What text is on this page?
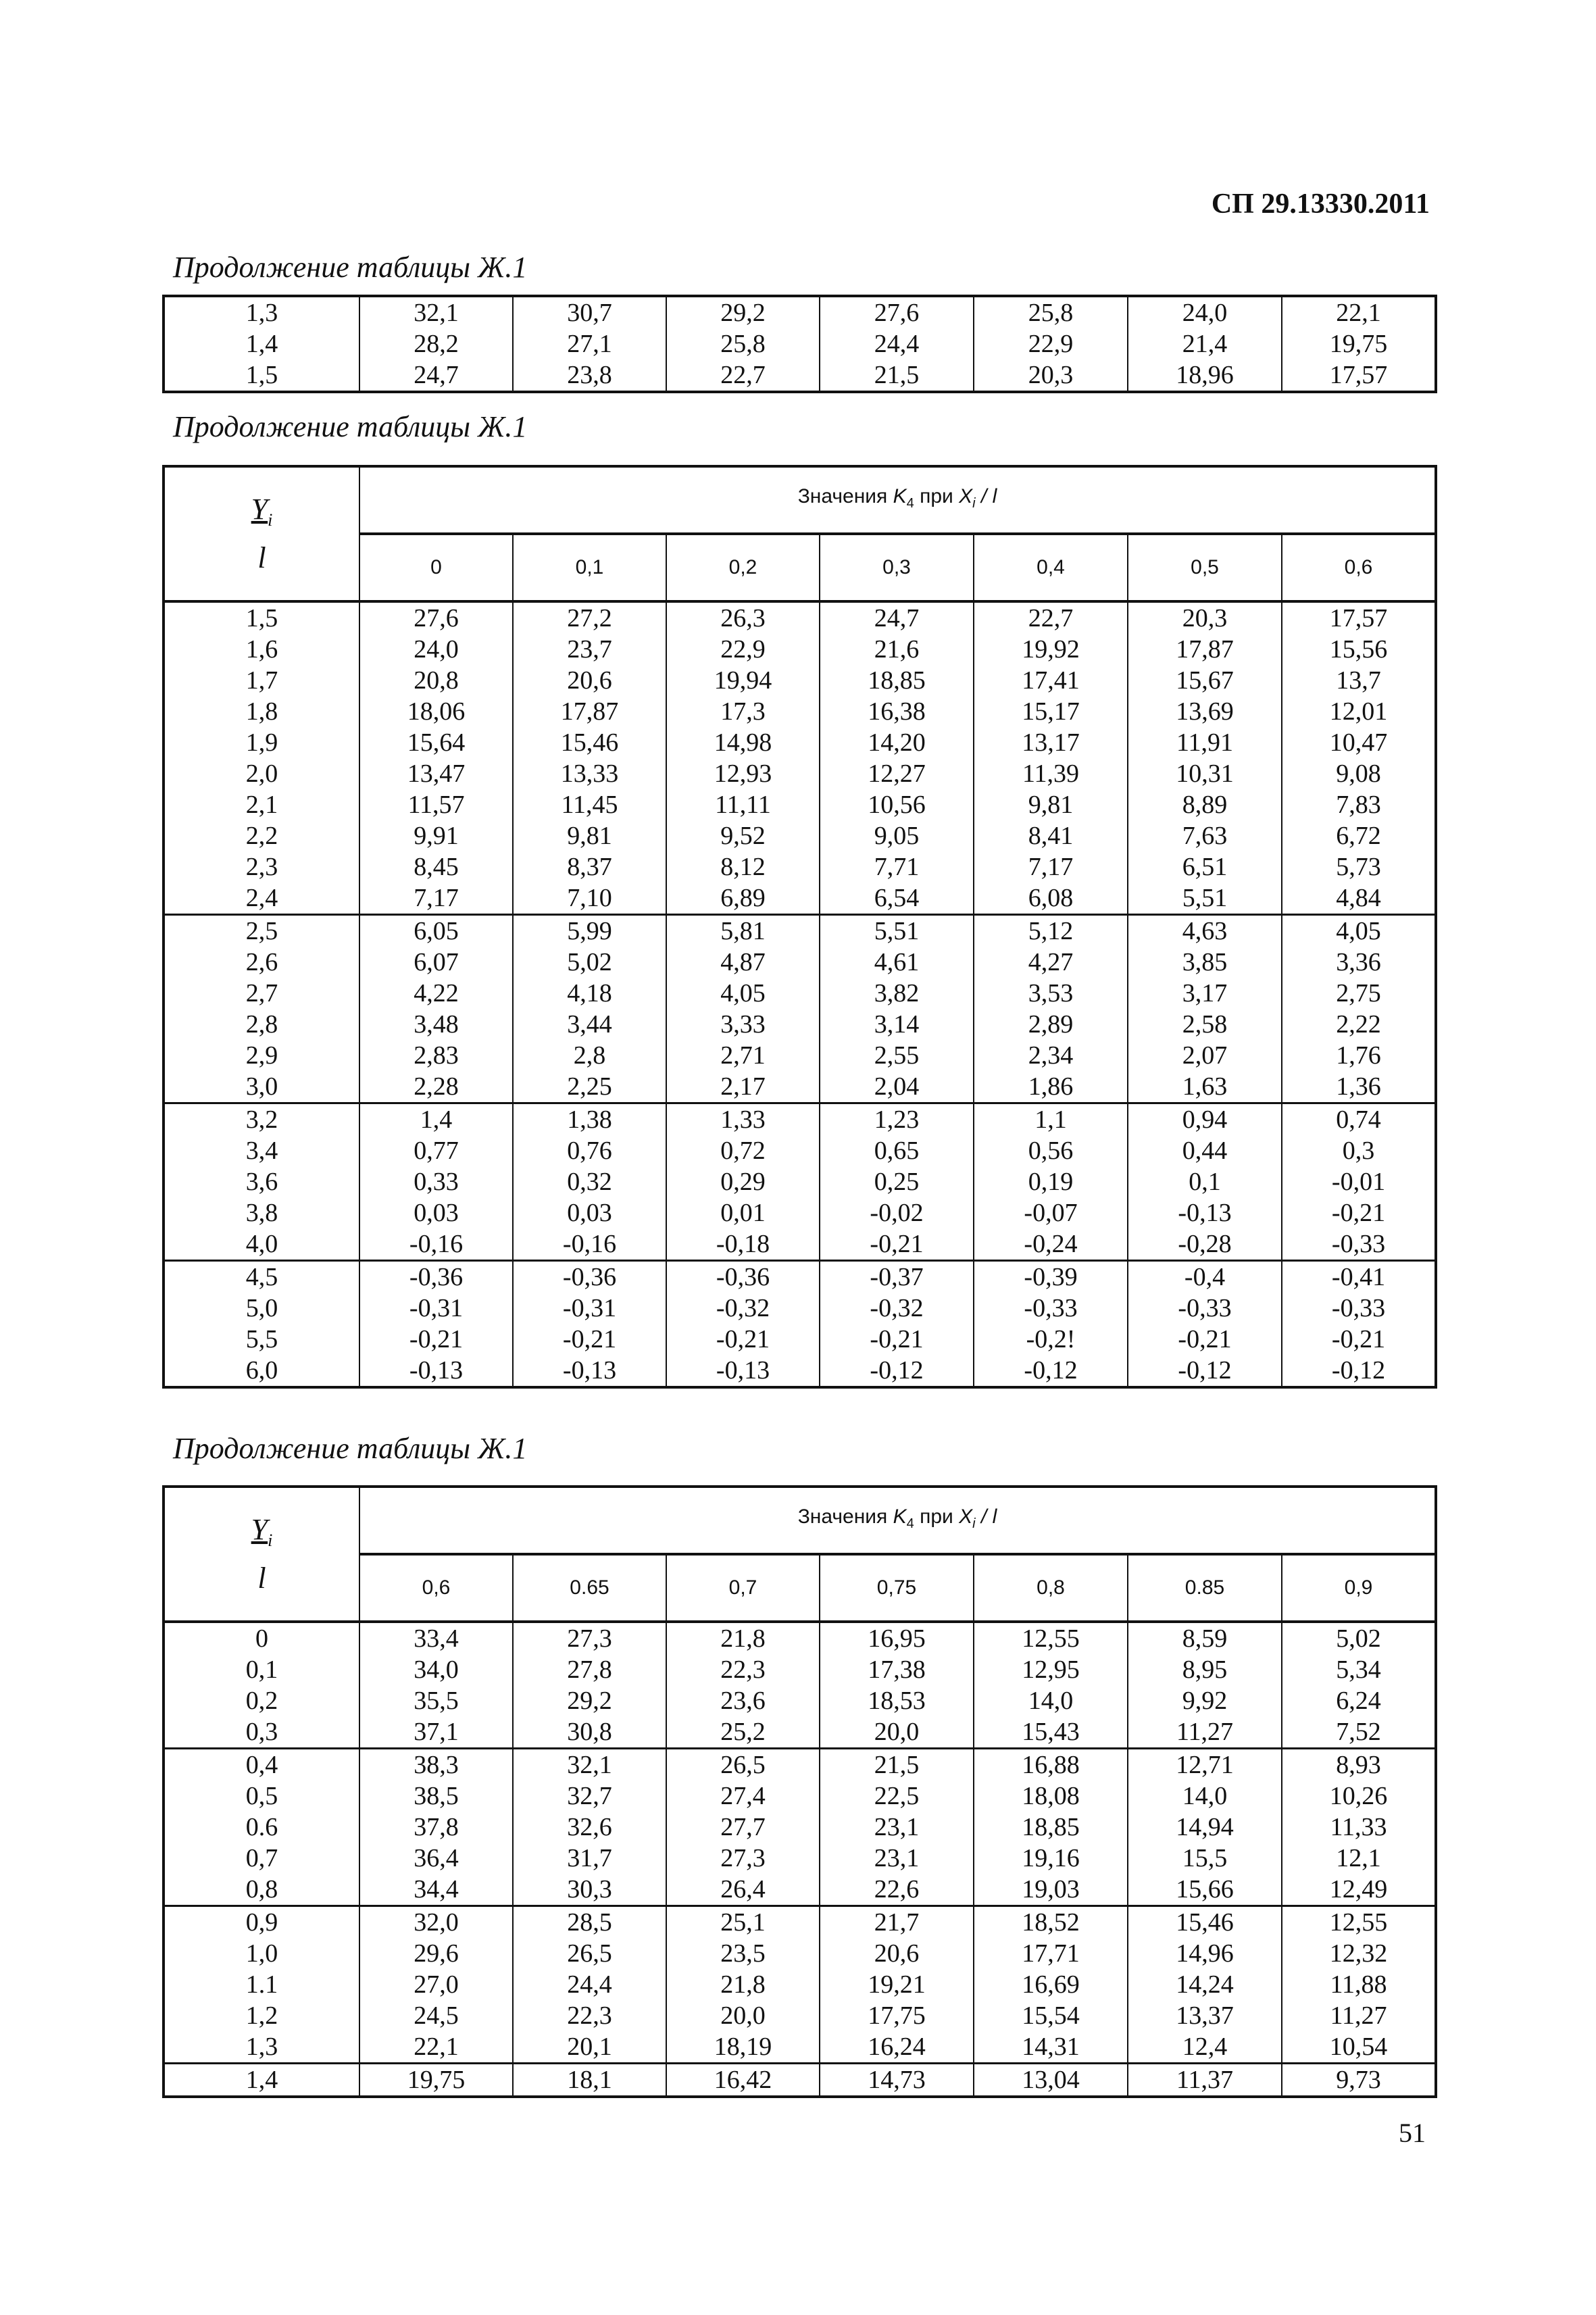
СП 29.13330.2011
Продолжение таблицы Ж.1
1,3	32,1	30,7	29,2	27,6	25,8	24,0	22,1
1,4	28,2	27,1	25,8	24,4	22,9	21,4	19,75
1,5	24,7	23,8	22,7	21,5	20,3	18,96	17,57
Продолжение таблицы Ж.1
$Y_i$
l	Значения $K_4$ при $X_i$ / l						
	0	0,1	0,2	0,3	0,4	0,5	0,6
1,5	27,6	27,2	26,3	24,7	22,7	20,3	17,57
1,6	24,0	23,7	22,9	21,6	19,92	17,87	15,56
1,7	20,8	20,6	19,94	18,85	17,41	15,67	13,7
1,8	18,06	17,87	17,3	16,38	15,17	13,69	12,01
1,9	15,64	15,46	14,98	14,20	13,17	11,91	10,47
2,0	13,47	13,33	12,93	12,27	11,39	10,31	9,08
2,1	11,57	11,45	11,11	10,56	9,81	8,89	7,83
2,2	9,91	9,81	9,52	9,05	8,41	7,63	6,72
2,3	8,45	8,37	8,12	7,71	7,17	6,51	5,73
2,4	7,17	7,10	6,89	6,54	6,08	5,51	4,84
2,5	6,05	5,99	5,81	5,51	5,12	4,63	4,05
2,6	6,07	5,02	4,87	4,61	4,27	3,85	3,36
2,7	4,22	4,18	4,05	3,82	3,53	3,17	2,75
2,8	3,48	3,44	3,33	3,14	2,89	2,58	2,22
2,9	2,83	2,8	2,71	2,55	2,34	2,07	1,76
3,0	2,28	2,25	2,17	2,04	1,86	1,63	1,36
3,2	1,4	1,38	1,33	1,23	1,1	0,94	0,74
3,4	0,77	0,76	0,72	0,65	0,56	0,44	0,3
3,6	0,33	0,32	0,29	0,25	0,19	0,1	-0,01
3,8	0,03	0,03	0,01	-0,02	-0,07	-0,13	-0,21
4,0	-0,16	-0,16	-0,18	-0,21	-0,24	-0,28	-0,33
4,5	-0,36	-0,36	-0,36	-0,37	-0,39	-0,4	-0,41
5,0	-0,31	-0,31	-0,32	-0,32	-0,33	-0,33	-0,33
5,5	-0,21	-0,21	-0,21	-0,21	-0,2!	-0,21	-0,21
6,0	-0,13	-0,13	-0,13	-0,12	-0,12	-0,12	-0,12
Продолжение таблицы Ж.1
$Y_i$
l	Значения $K_4$ при $X_i$ / l						
	0,6	0.65	0,7	0,75	0,8	0.85	0,9
0	33,4	27,3	21,8	16,95	12,55	8,59	5,02
0,1	34,0	27,8	22,3	17,38	12,95	8,95	5,34
0,2	35,5	29,2	23,6	18,53	14,0	9,92	6,24
0,3	37,1	30,8	25,2	20,0	15,43	11,27	7,52
0,4	38,3	32,1	26,5	21,5	16,88	12,71	8,93
0,5	38,5	32,7	27,4	22,5	18,08	14,0	10,26
0.6	37,8	32,6	27,7	23,1	18,85	14,94	11,33
0,7	36,4	31,7	27,3	23,1	19,16	15,5	12,1
0,8	34,4	30,3	26,4	22,6	19,03	15,66	12,49
0,9	32,0	28,5	25,1	21,7	18,52	15,46	12,55
1,0	29,6	26,5	23,5	20,6	17,71	14,96	12,32
1.1	27,0	24,4	21,8	19,21	16,69	14,24	11,88
1,2	24,5	22,3	20,0	17,75	15,54	13,37	11,27
1,3	22,1	20,1	18,19	16,24	14,31	12,4	10,54
1,4	19,75	18,1	16,42	14,73	13,04	11,37	9,73
51
